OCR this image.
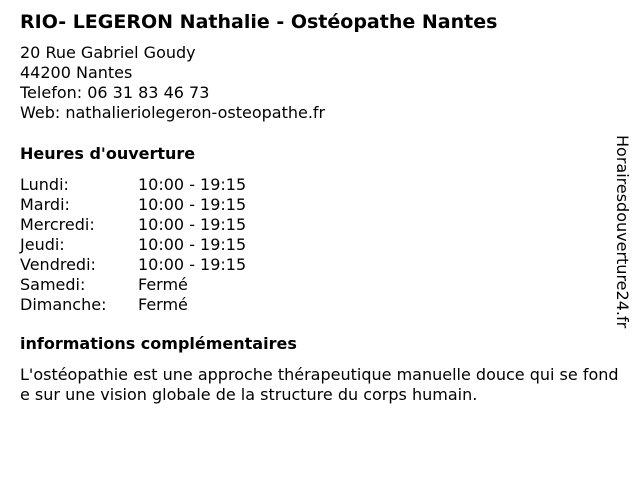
RIO- LEGERON Nathalie - Ostéopathe Nantes
20 Rue Gabriel Goudy
44200 Nantes
Telefon: 06 31 83 46 73
Web: nathalieriolegeron-osteopathe.fr
Heures d'ouverture
Lundi:	10:00 - 19:15
Mardi:	10:00 - 19:15
Mercredi:	10:00 - 19:15
Jeudi:	10:00 - 19:15
Vendredi:	10:00 - 19:15
Samedi:	Fermé
Dimanche:	Fermé
informations complémentaires
L'ostéopathie est une approche thérapeutique manuelle douce qui se fonde sur une vision globale de la structure du corps humain.
Horairesdouverture24.fr
